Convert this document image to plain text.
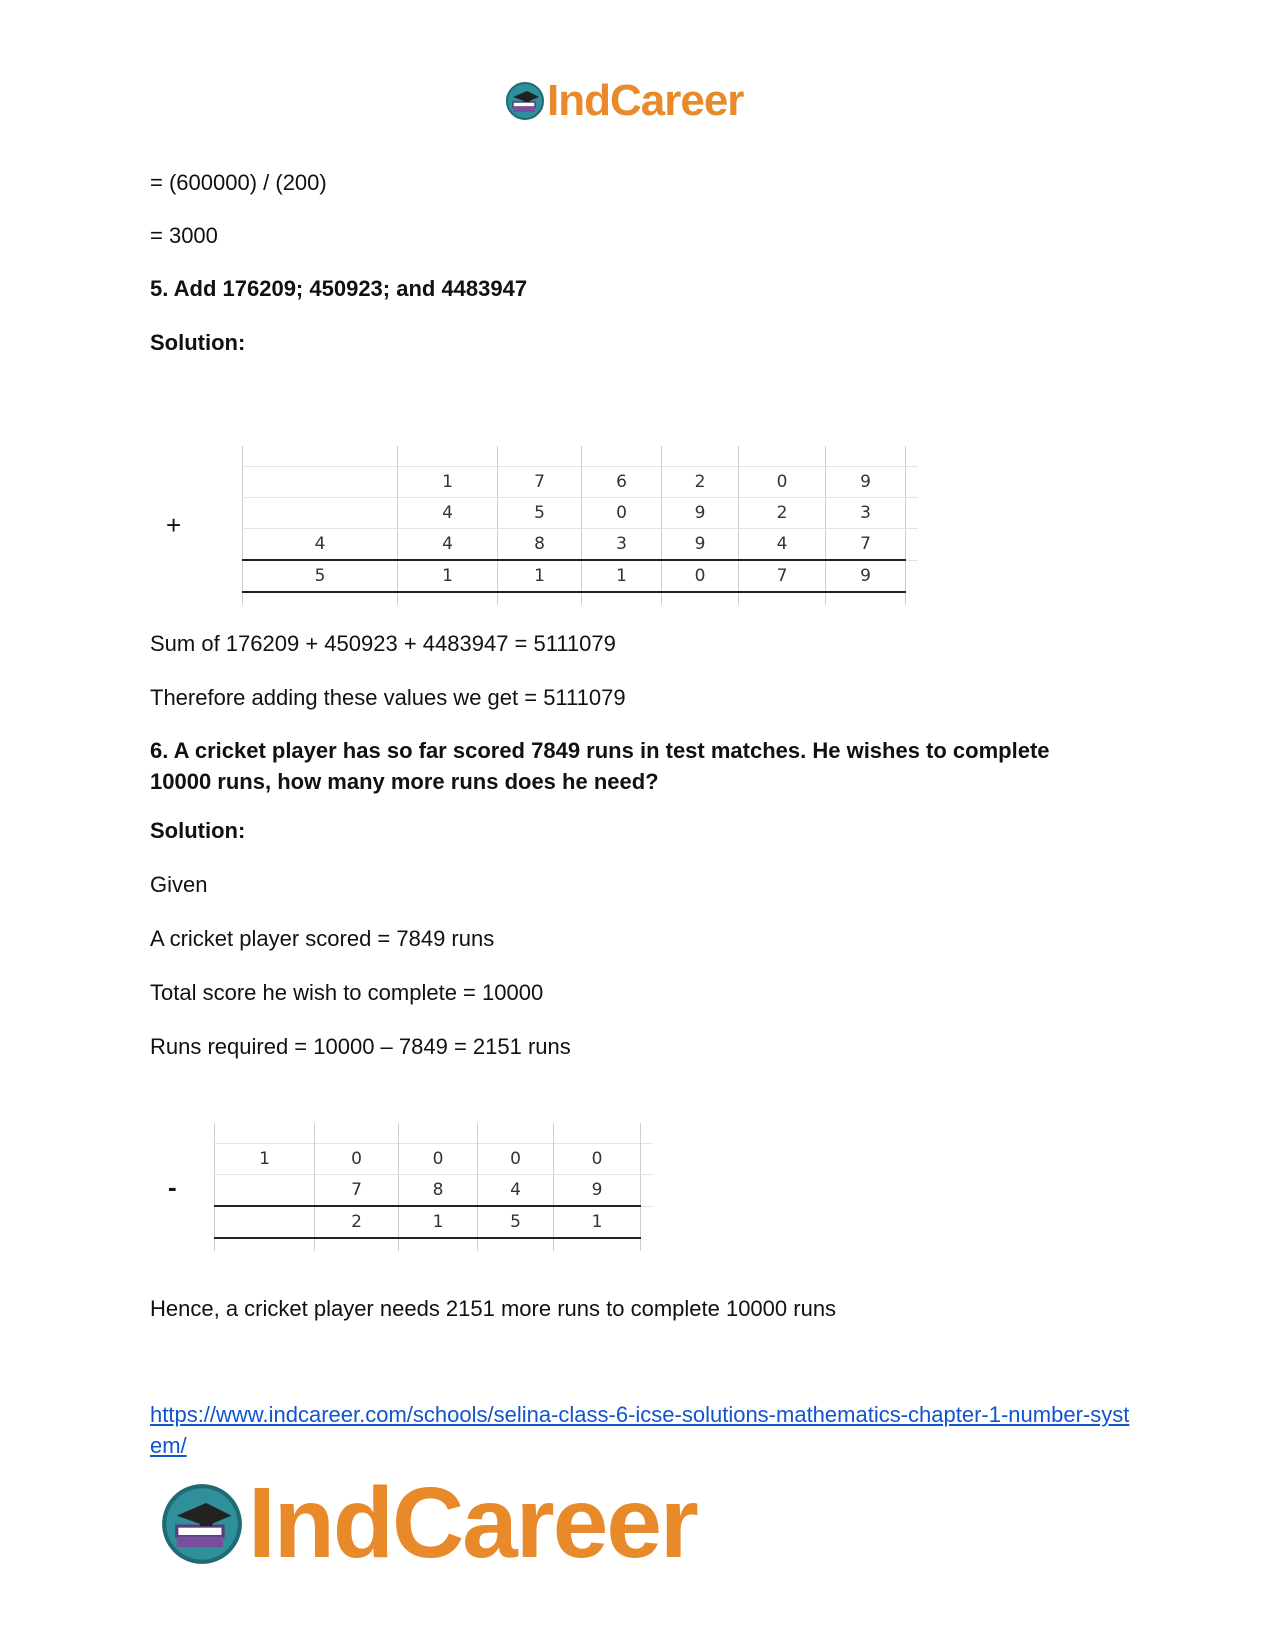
IndCareer
= (600000) / (200)
= 3000
5. Add 176209; 450923; and 4483947
Solution:
+

	1	7	6	2	0	9	
	4	5	0	9	2	3	
4	4	8	3	9	4	7	
5	1	1	1	0	7	9	

Sum of 176209 + 450923 + 4483947 = 5111079
Therefore adding these values we get = 5111079
6. A cricket player has so far scored 7849 runs in test matches. He wishes to complete 10000 runs, how many more runs does he need?
Solution:
Given
A cricket player scored = 7849 runs
Total score he wish to complete = 10000
Runs required = 10000 – 7849 = 2151 runs
-

1	0	0	0	0	
	7	8	4	9	
	2	1	5	1	

Hence, a cricket player needs 2151 more runs to complete 10000 runs
https://www.indcareer.com/schools/selina-class-6-icse-solutions-mathematics-chapter-1-number-system/
IndCareer
